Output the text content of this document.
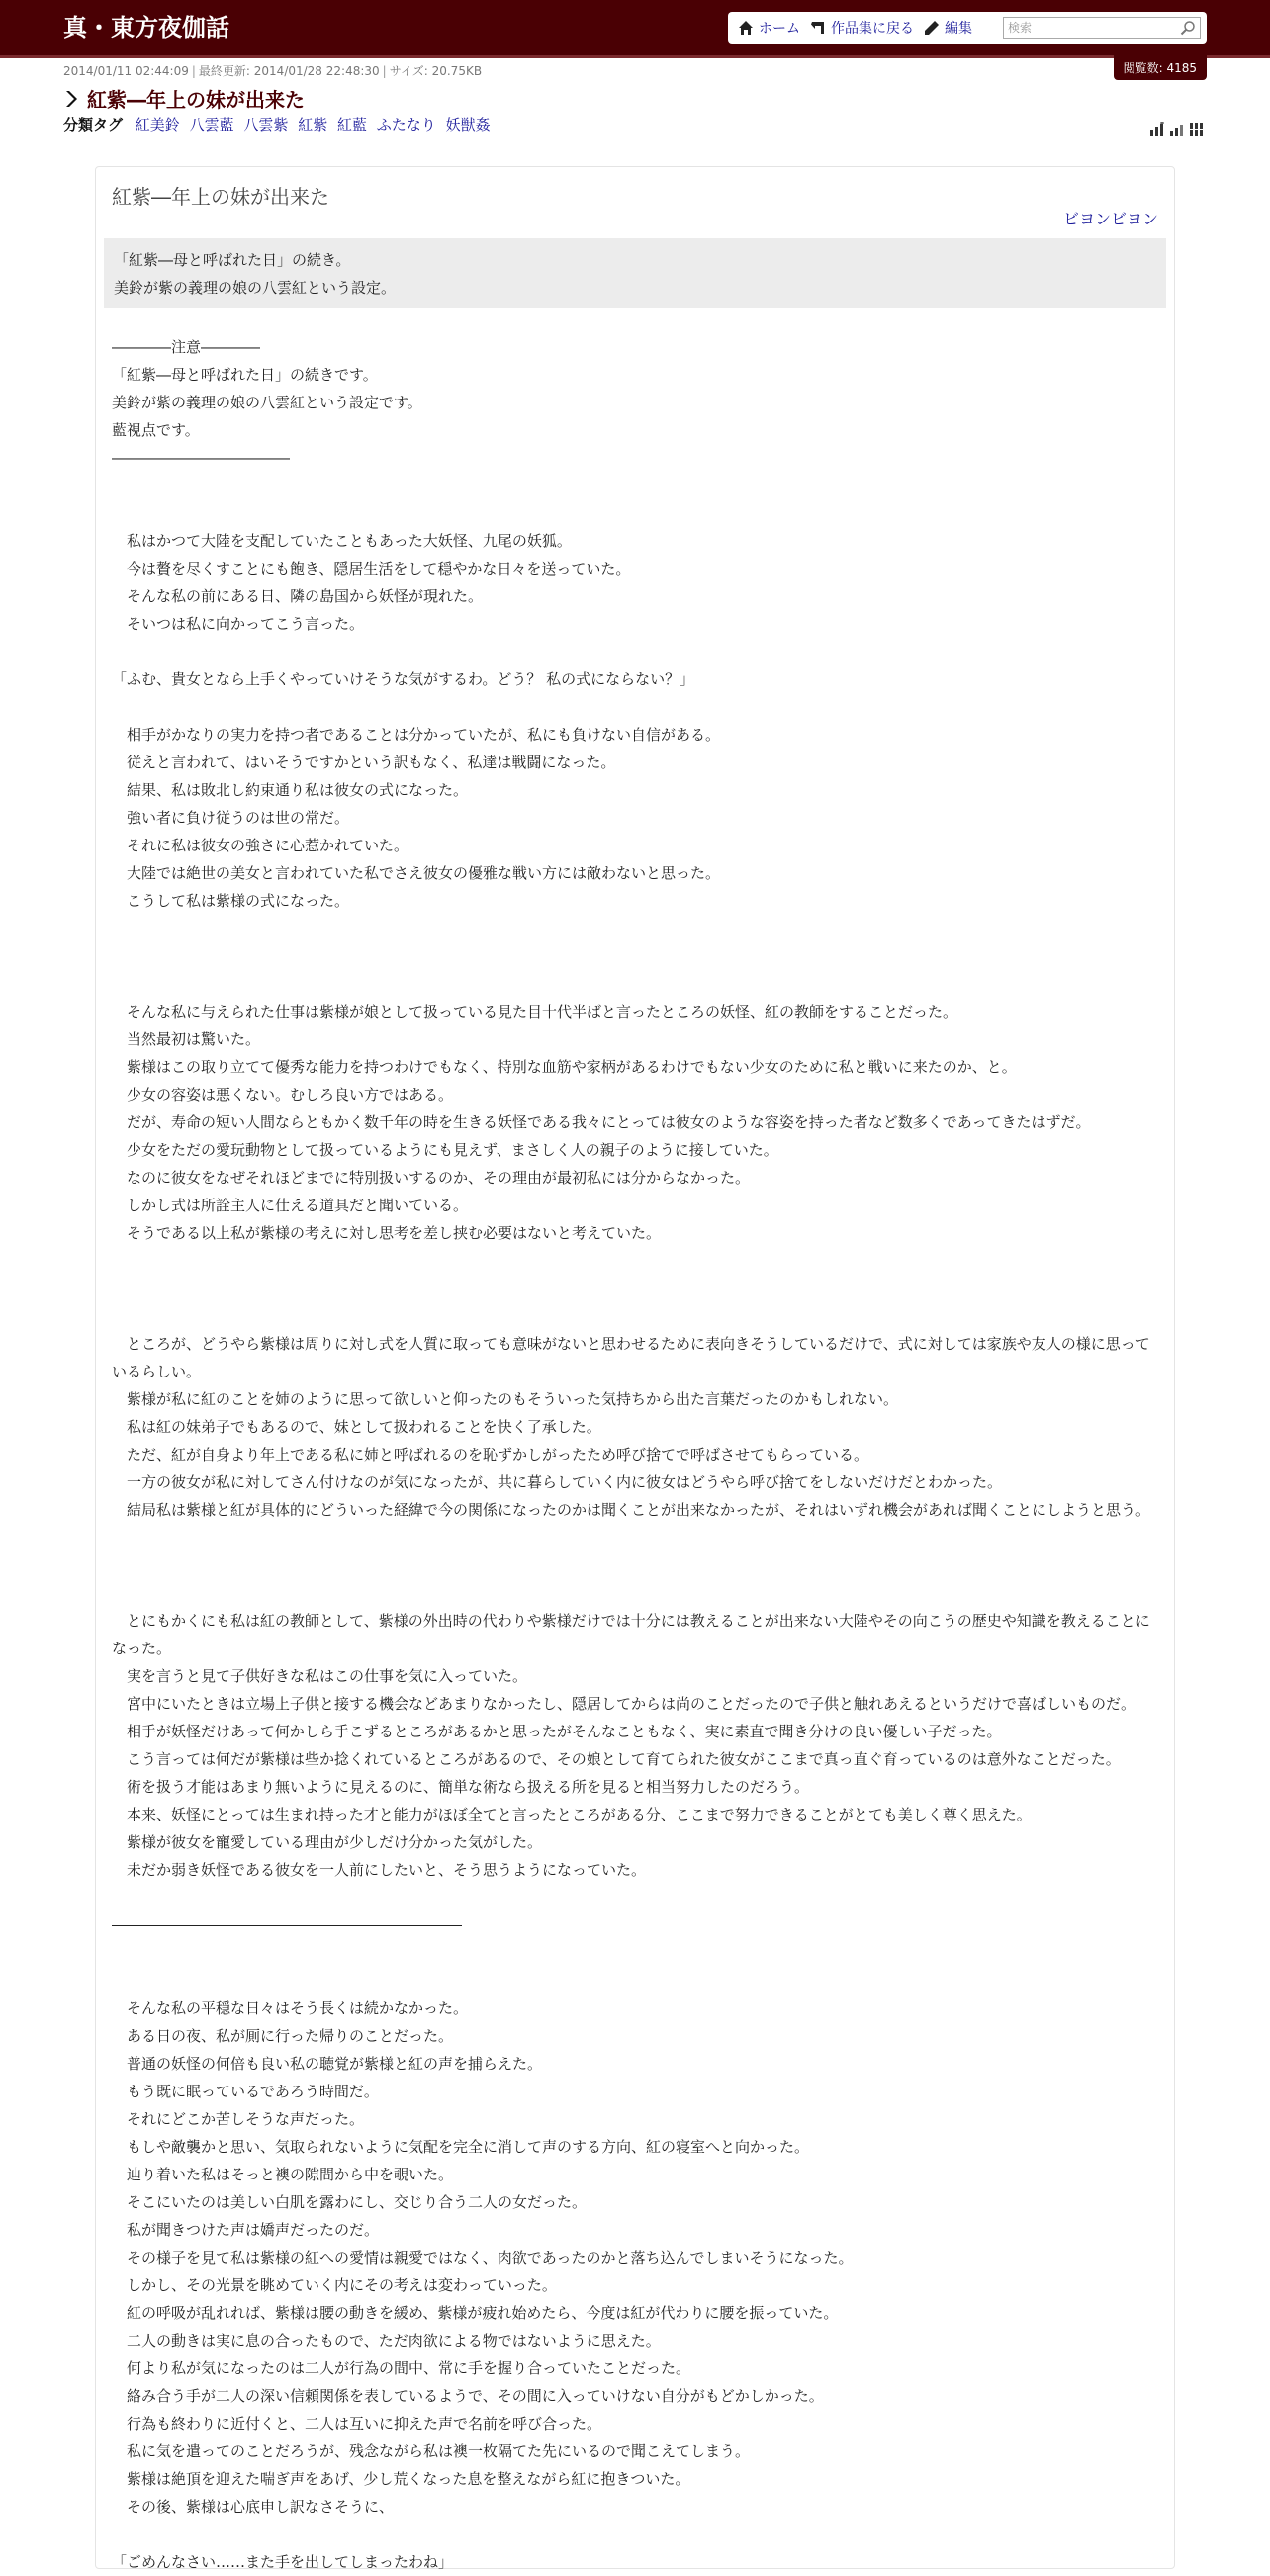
真・東方夜伽話	ホーム 作品集に戻る 編集	検索
2014/01/11 02:44:09 | 最終更新: 2014/01/28 22:48:30 | サイズ: 20.75KB	閲覧数: 4185
紅紫―年上の妹が出来た
分類タグ 紅美鈴 八雲藍 八雲紫 紅紫 紅藍 ふたなり 妖獣姦
紅紫―年上の妹が出来た
ビヨンビヨン
「紅紫―母と呼ばれた日」の続き。
美鈴が紫の義理の娘の八雲紅という設定。

――――注意――――

「紅紫―母と呼ばれた日」の続きです。

美鈴が紫の義理の娘の八雲紅という設定です。

藍視点です。

――――――――――――

　私はかつて大陸を支配していたこともあった大妖怪、九尾の妖狐。

　今は贅を尽くすことにも飽き、隠居生活をして穏やかな日々を送っていた。

　そんな私の前にある日、隣の島国から妖怪が現れた。

　そいつは私に向かってこう言った。

「ふむ、貴女となら上手くやっていけそうな気がするわ。どう？ 私の式にならない？」

　相手がかなりの実力を持つ者であることは分かっていたが、私にも負けない自信がある。

　従えと言われて、はいそうですかという訳もなく、私達は戦闘になった。

　結果、私は敗北し約束通り私は彼女の式になった。

　強い者に負け従うのは世の常だ。

　それに私は彼女の強さに心惹かれていた。

　大陸では絶世の美女と言われていた私でさえ彼女の優雅な戦い方には敵わないと思った。

　こうして私は紫様の式になった。

　そんな私に与えられた仕事は紫様が娘として扱っている見た目十代半ばと言ったところの妖怪、紅の教師をすることだった。

　当然最初は驚いた。

　紫様はこの取り立てて優秀な能力を持つわけでもなく、特別な血筋や家柄があるわけでもない少女のために私と戦いに来たのか、と。

　少女の容姿は悪くない。むしろ良い方ではある。

　だが、寿命の短い人間ならともかく数千年の時を生きる妖怪である我々にとっては彼女のような容姿を持った者など数多くであってきたはずだ。

　少女をただの愛玩動物として扱っているようにも見えず、まさしく人の親子のように接していた。

　なのに彼女をなぜそれほどまでに特別扱いするのか、その理由が最初私には分からなかった。

　しかし式は所詮主人に仕える道具だと聞いている。

　そうである以上私が紫様の考えに対し思考を差し挟む必要はないと考えていた。

　ところが、どうやら紫様は周りに対し式を人質に取っても意味がないと思わせるために表向きそうしているだけで、式に対しては家族や友人の様に思っているらしい。

　紫様が私に紅のことを姉のように思って欲しいと仰ったのもそういった気持ちから出た言葉だったのかもしれない。

　私は紅の妹弟子でもあるので、妹として扱われることを快く了承した。

　ただ、紅が自身より年上である私に姉と呼ばれるのを恥ずかしがったため呼び捨てで呼ばさせてもらっている。

　一方の彼女が私に対してさん付けなのが気になったが、共に暮らしていく内に彼女はどうやら呼び捨てをしないだけだとわかった。

　結局私は紫様と紅が具体的にどういった経緯で今の関係になったのかは聞くことが出来なかったが、それはいずれ機会があれば聞くことにしようと思う。

　とにもかくにも私は紅の教師として、紫様の外出時の代わりや紫様だけでは十分には教えることが出来ない大陸やその向こうの歴史や知識を教えることになった。

　実を言うと見て子供好きな私はこの仕事を気に入っていた。

　宮中にいたときは立場上子供と接する機会などあまりなかったし、隠居してからは尚のことだったので子供と触れあえるというだけで喜ばしいものだ。

　相手が妖怪だけあって何かしら手こずるところがあるかと思ったがそんなこともなく、実に素直で聞き分けの良い優しい子だった。

　こう言っては何だが紫様は些か捻くれているところがあるので、その娘として育てられた彼女がここまで真っ直ぐ育っているのは意外なことだった。

　術を扱う才能はあまり無いように見えるのに、簡単な術なら扱える所を見ると相当努力したのだろう。

　本来、妖怪にとっては生まれ持った才と能力がほぼ全てと言ったところがある分、ここまで努力できることがとても美しく尊く思えた。

　紫様が彼女を寵愛している理由が少しだけ分かった気がした。

　未だか弱き妖怪である彼女を一人前にしたいと、そう思うようになっていた。

　そんな私の平穏な日々はそう長くは続かなかった。

　ある日の夜、私が厠に行った帰りのことだった。

　普通の妖怪の何倍も良い私の聴覚が紫様と紅の声を捕らえた。

　もう既に眠っているであろう時間だ。

　それにどこか苦しそうな声だった。

　もしや敵襲かと思い、気取られないように気配を完全に消して声のする方向、紅の寝室へと向かった。

　辿り着いた私はそっと襖の隙間から中を覗いた。

　そこにいたのは美しい白肌を露わにし、交じり合う二人の女だった。

　私が聞きつけた声は嬌声だったのだ。

　その様子を見て私は紫様の紅への愛情は親愛ではなく、肉欲であったのかと落ち込んでしまいそうになった。

　しかし、その光景を眺めていく内にその考えは変わっていった。

　紅の呼吸が乱れれば、紫様は腰の動きを緩め、紫様が疲れ始めたら、今度は紅が代わりに腰を振っていた。

　二人の動きは実に息の合ったもので、ただ肉欲による物ではないように思えた。

　何より私が気になったのは二人が行為の間中、常に手を握り合っていたことだった。

　絡み合う手が二人の深い信頼関係を表しているようで、その間に入っていけない自分がもどかしかった。

　行為も終わりに近付くと、二人は互いに抑えた声で名前を呼び合った。

　私に気を遣ってのことだろうが、残念ながら私は襖一枚隔てた先にいるので聞こえてしまう。

　紫様は絶頂を迎えた喘ぎ声をあげ、少し荒くなった息を整えながら紅に抱きついた。

　その後、紫様は心底申し訳なさそうに、

「ごめんなさい……また手を出してしまったわね」
